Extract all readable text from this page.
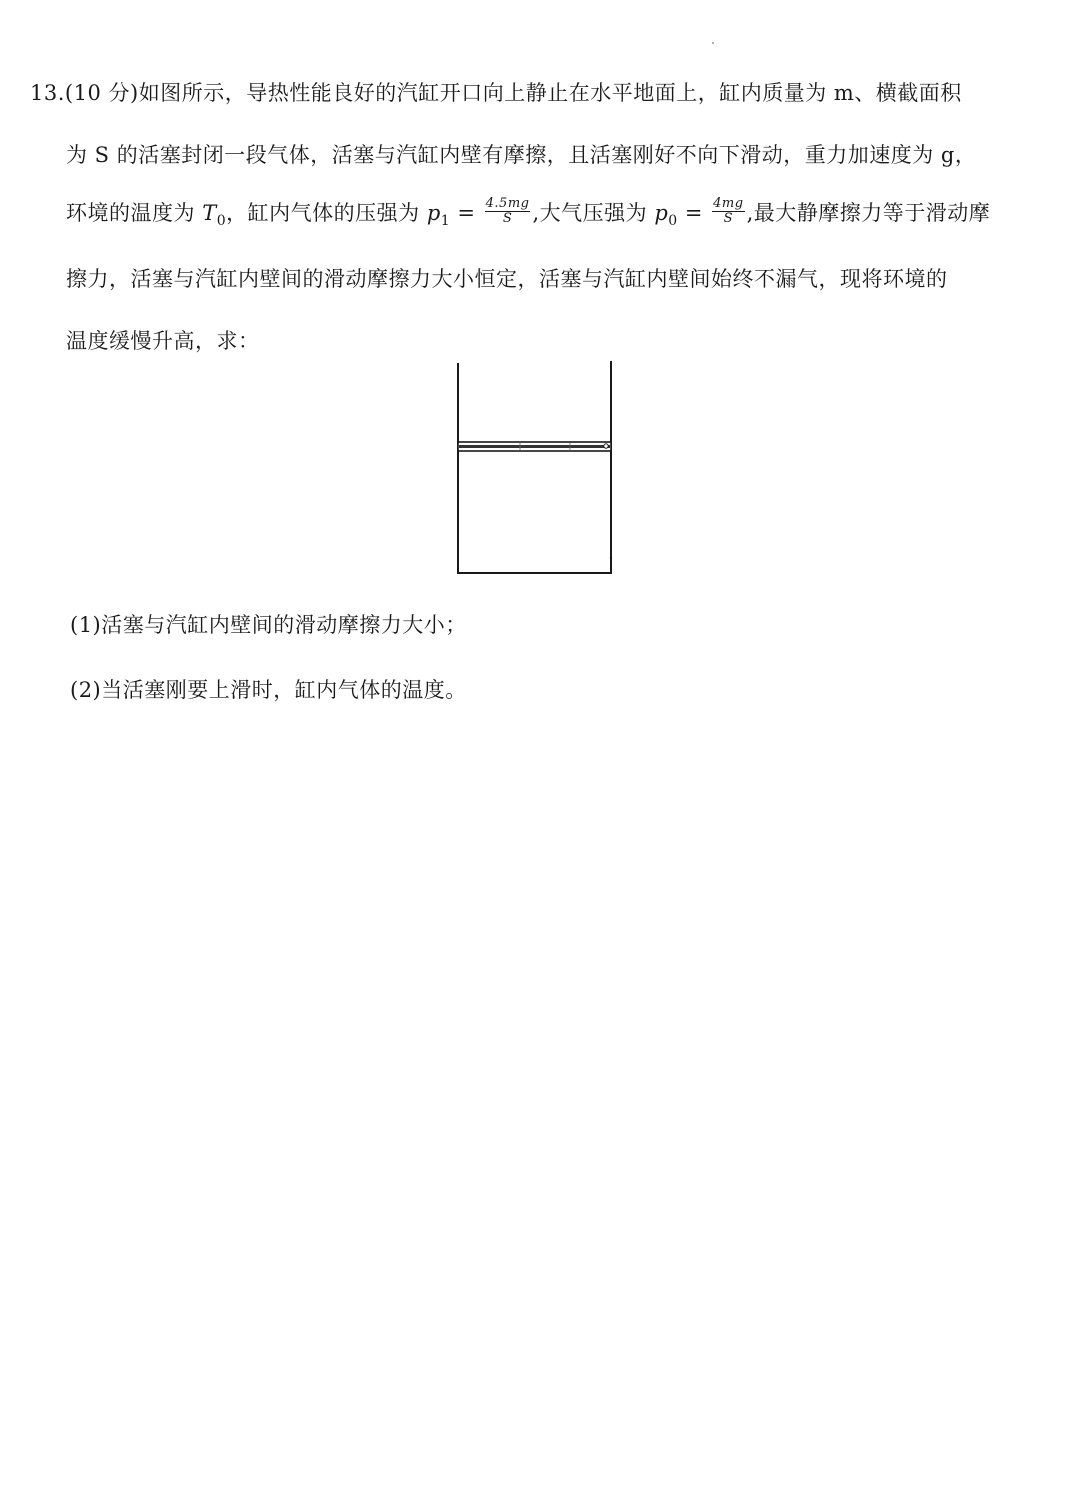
13.(10 分)如图所示，导热性能良好的汽缸开口向上静止在水平地面上，缸内质量为 m、横截面积
为 S 的活塞封闭一段气体，活塞与汽缸内壁有摩擦，且活塞刚好不向下滑动，重力加速度为 g，
环境的温度为 $T_0$，缸内气体的压强为 $p_1 = \frac{4.5mg}{S}$ ,大气压强为 $p_0 = \frac{4mg}{S}$ ,最大静摩擦力等于滑动摩
擦力，活塞与汽缸内壁间的滑动摩擦力大小恒定，活塞与汽缸内壁间始终不漏气，现将环境的
温度缓慢升高，求：
(1)活塞与汽缸内壁间的滑动摩擦力大小；
(2)当活塞刚要上滑时，缸内气体的温度。
